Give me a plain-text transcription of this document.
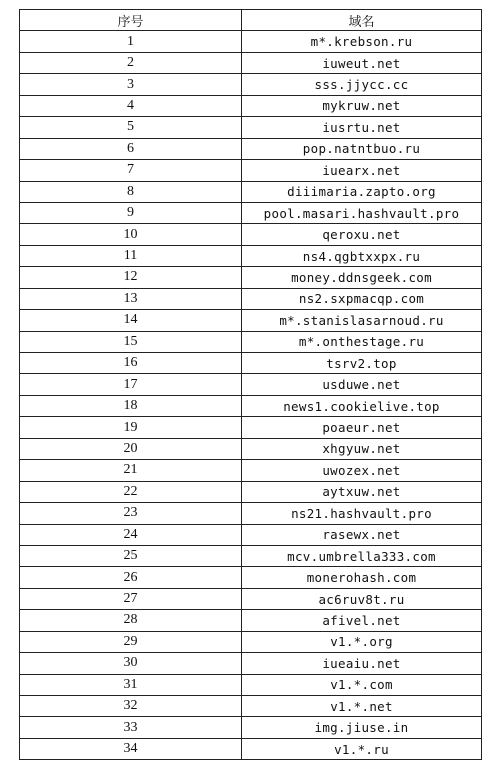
序号	域名
1	m*.krebson.ru
2	iuweut.net
3	sss.jjycc.cc
4	mykruw.net
5	iusrtu.net
6	pop.natntbuo.ru
7	iuearx.net
8	diiimaria.zapto.org
9	pool.masari.hashvault.pro
10	qeroxu.net
11	ns4.qgbtxxpx.ru
12	money.ddnsgeek.com
13	ns2.sxpmacqp.com
14	m*.stanislasarnoud.ru
15	m*.onthestage.ru
16	tsrv2.top
17	usduwe.net
18	news1.cookielive.top
19	poaeur.net
20	xhgyuw.net
21	uwozex.net
22	aytxuw.net
23	ns21.hashvault.pro
24	rasewx.net
25	mcv.umbrella333.com
26	monerohash.com
27	ac6ruv8t.ru
28	afivel.net
29	v1.*.org
30	iueaiu.net
31	v1.*.com
32	v1.*.net
33	img.jiuse.in
34	v1.*.ru
